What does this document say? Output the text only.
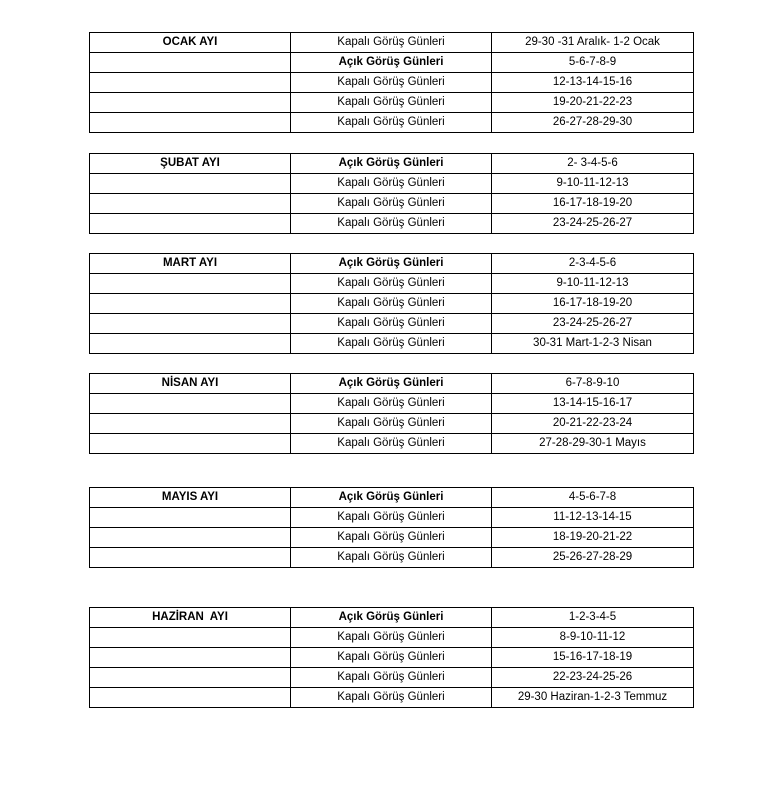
OCAK AYI	Kapalı Görüş Günleri	29-30 -31 Aralık- 1-2 Ocak
	Açık Görüş Günleri	5-6-7-8-9
	Kapalı Görüş Günleri	12-13-14-15-16
	Kapalı Görüş Günleri	19-20-21-22-23
	Kapalı Görüş Günleri	26-27-28-29-30
ŞUBAT AYI	Açık Görüş Günleri	2- 3-4-5-6
	Kapalı Görüş Günleri	9-10-11-12-13
	Kapalı Görüş Günleri	16-17-18-19-20
	Kapalı Görüş Günleri	23-24-25-26-27
MART AYI	Açık Görüş Günleri	2-3-4-5-6
	Kapalı Görüş Günleri	9-10-11-12-13
	Kapalı Görüş Günleri	16-17-18-19-20
	Kapalı Görüş Günleri	23-24-25-26-27
	Kapalı Görüş Günleri	30-31 Mart-1-2-3 Nisan
NİSAN AYI	Açık Görüş Günleri	6-7-8-9-10
	Kapalı Görüş Günleri	13-14-15-16-17
	Kapalı Görüş Günleri	20-21-22-23-24
	Kapalı Görüş Günleri	27-28-29-30-1 Mayıs
MAYIS AYI	Açık Görüş Günleri	4-5-6-7-8
	Kapalı Görüş Günleri	11-12-13-14-15
	Kapalı Görüş Günleri	18-19-20-21-22
	Kapalı Görüş Günleri	25-26-27-28-29
HAZİRAN  AYI	Açık Görüş Günleri	1-2-3-4-5
	Kapalı Görüş Günleri	8-9-10-11-12
	Kapalı Görüş Günleri	15-16-17-18-19
	Kapalı Görüş Günleri	22-23-24-25-26
	Kapalı Görüş Günleri	29-30 Haziran-1-2-3 Temmuz
